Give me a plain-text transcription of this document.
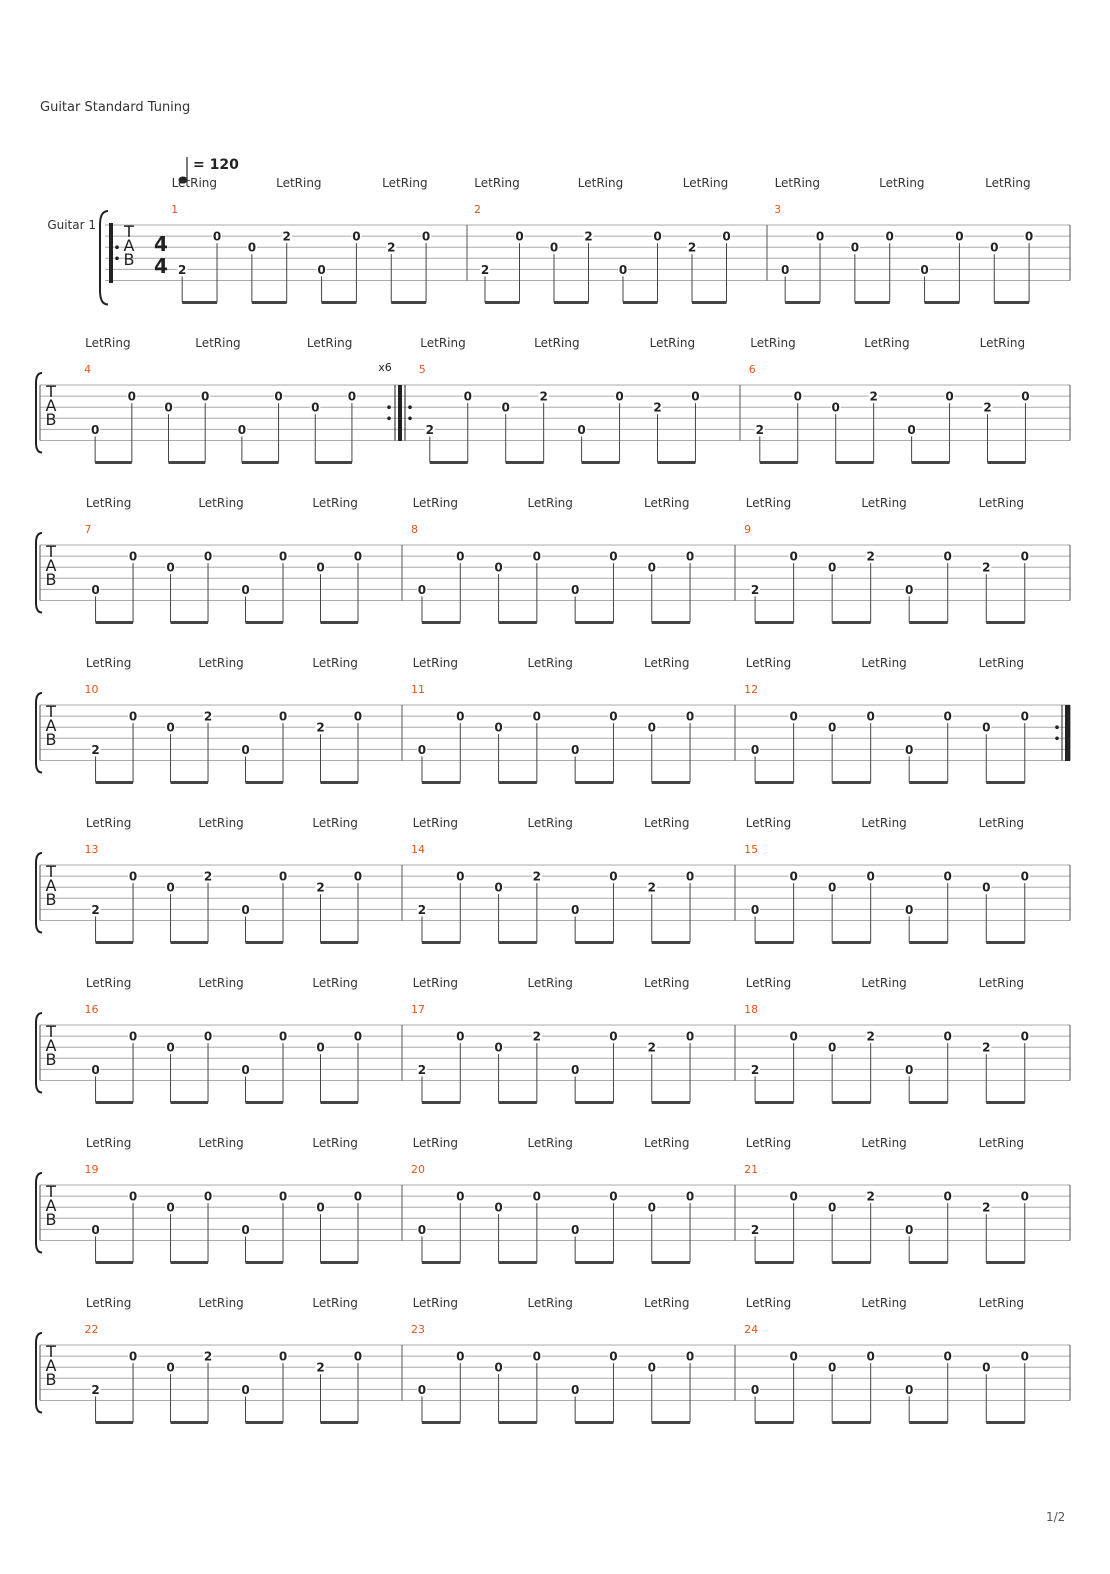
Guitar Standard Tuning
Guitar 1 T
A
B
4
4
= 120
1
LetRing	LetRing	LetRing
2
0
0
2
0
0
2
0
2
LetRing	LetRing	LetRing
2
0
0
2
0
0
2
0
3
LetRing	LetRing	LetRing
0
0
0
0
0
0
0
0
T
A
B
x6
4
LetRing	LetRing	LetRing
0
0
0
0
0
0
0
0
5
LetRing	LetRing	LetRing
2
0
0
2
0
0
2
0
6
LetRing	LetRing	LetRing
2
0
0
2
0
0
2
0
T
A
B
7
LetRing	LetRing	LetRing
0
0
0
0
0
0
0
0
8
LetRing	LetRing	LetRing
0
0
0
0
0
0
0
0
9
LetRing	LetRing	LetRing
2
0
0
2
0
0
2
0
T
A
B
10
LetRing	LetRing	LetRing
2
0
0
2
0
0
2
0
11
LetRing	LetRing	LetRing
0
0
0
0
0
0
0
0
12
LetRing	LetRing	LetRing
0
0
0
0
0
0
0
0
T
A
B
13
LetRing	LetRing	LetRing
2
0
0
2
0
0
2
0
14
LetRing	LetRing	LetRing
2
0
0
2
0
0
2
0
15
LetRing	LetRing	LetRing
0
0
0
0
0
0
0
0
T
A
B
16
LetRing	LetRing	LetRing
0
0
0
0
0
0
0
0
17
LetRing	LetRing	LetRing
2
0
0
2
0
0
2
0
18
LetRing	LetRing	LetRing
2
0
0
2
0
0
2
0
T
A
B
19
LetRing	LetRing	LetRing
0
0
0
0
0
0
0
0
20
LetRing	LetRing	LetRing
0
0
0
0
0
0
0
0
21
LetRing	LetRing	LetRing
2
0
0
2
0
0
2
0
T
A
B
22
LetRing	LetRing	LetRing
2
0
0
2
0
0
2
0
23
LetRing	LetRing	LetRing
0
0
0
0
0
0
0
0
24
LetRing	LetRing	LetRing
0
0
0
0
0
0
0
0
1/2
